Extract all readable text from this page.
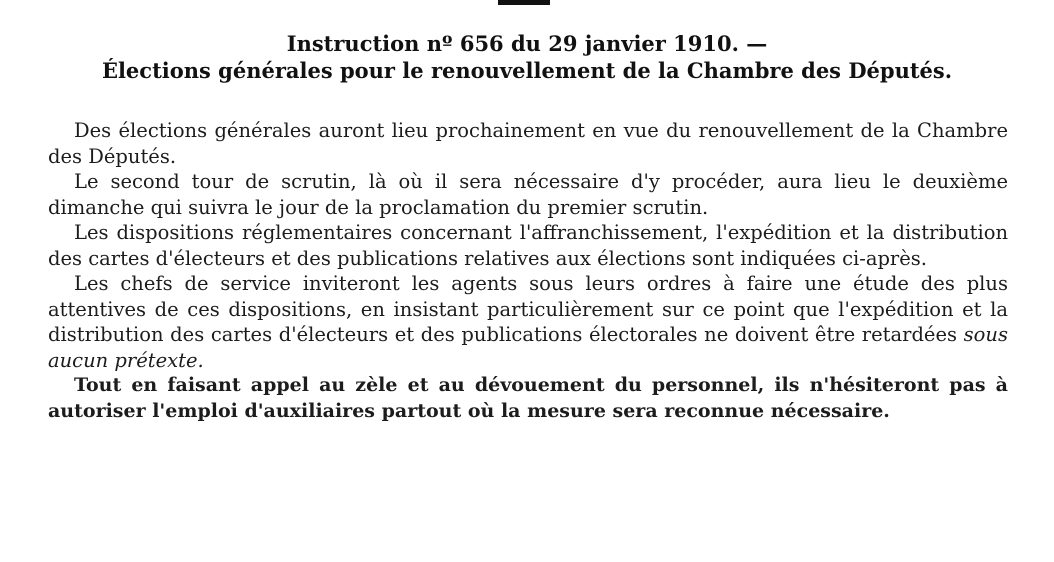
Instruction nº 656 du 29 janvier 1910. —
Élections générales pour le renouvellement de la Chambre des Députés.

Des élections générales auront lieu prochainement en vue du renouvellement de la Chambre des Députés.

Le second tour de scrutin, là où il sera nécessaire d'y procéder, aura lieu le deuxième dimanche qui suivra le jour de la proclamation du premier scrutin.

Les dispositions réglementaires concernant l'affranchissement, l'expédition et la distribution des cartes d'électeurs et des publications relatives aux élections sont indiquées ci-après.

Les chefs de service inviteront les agents sous leurs ordres à faire une étude des plus attentives de ces dispositions, en insistant particulièrement sur ce point que l'expédition et la distribution des cartes d'électeurs et des publications électorales ne doivent être retardées sous aucun prétexte.

Tout en faisant appel au zèle et au dévouement du personnel, ils n'hésiteront pas à autoriser l'emploi d'auxiliaires partout où la mesure sera reconnue nécessaire.
